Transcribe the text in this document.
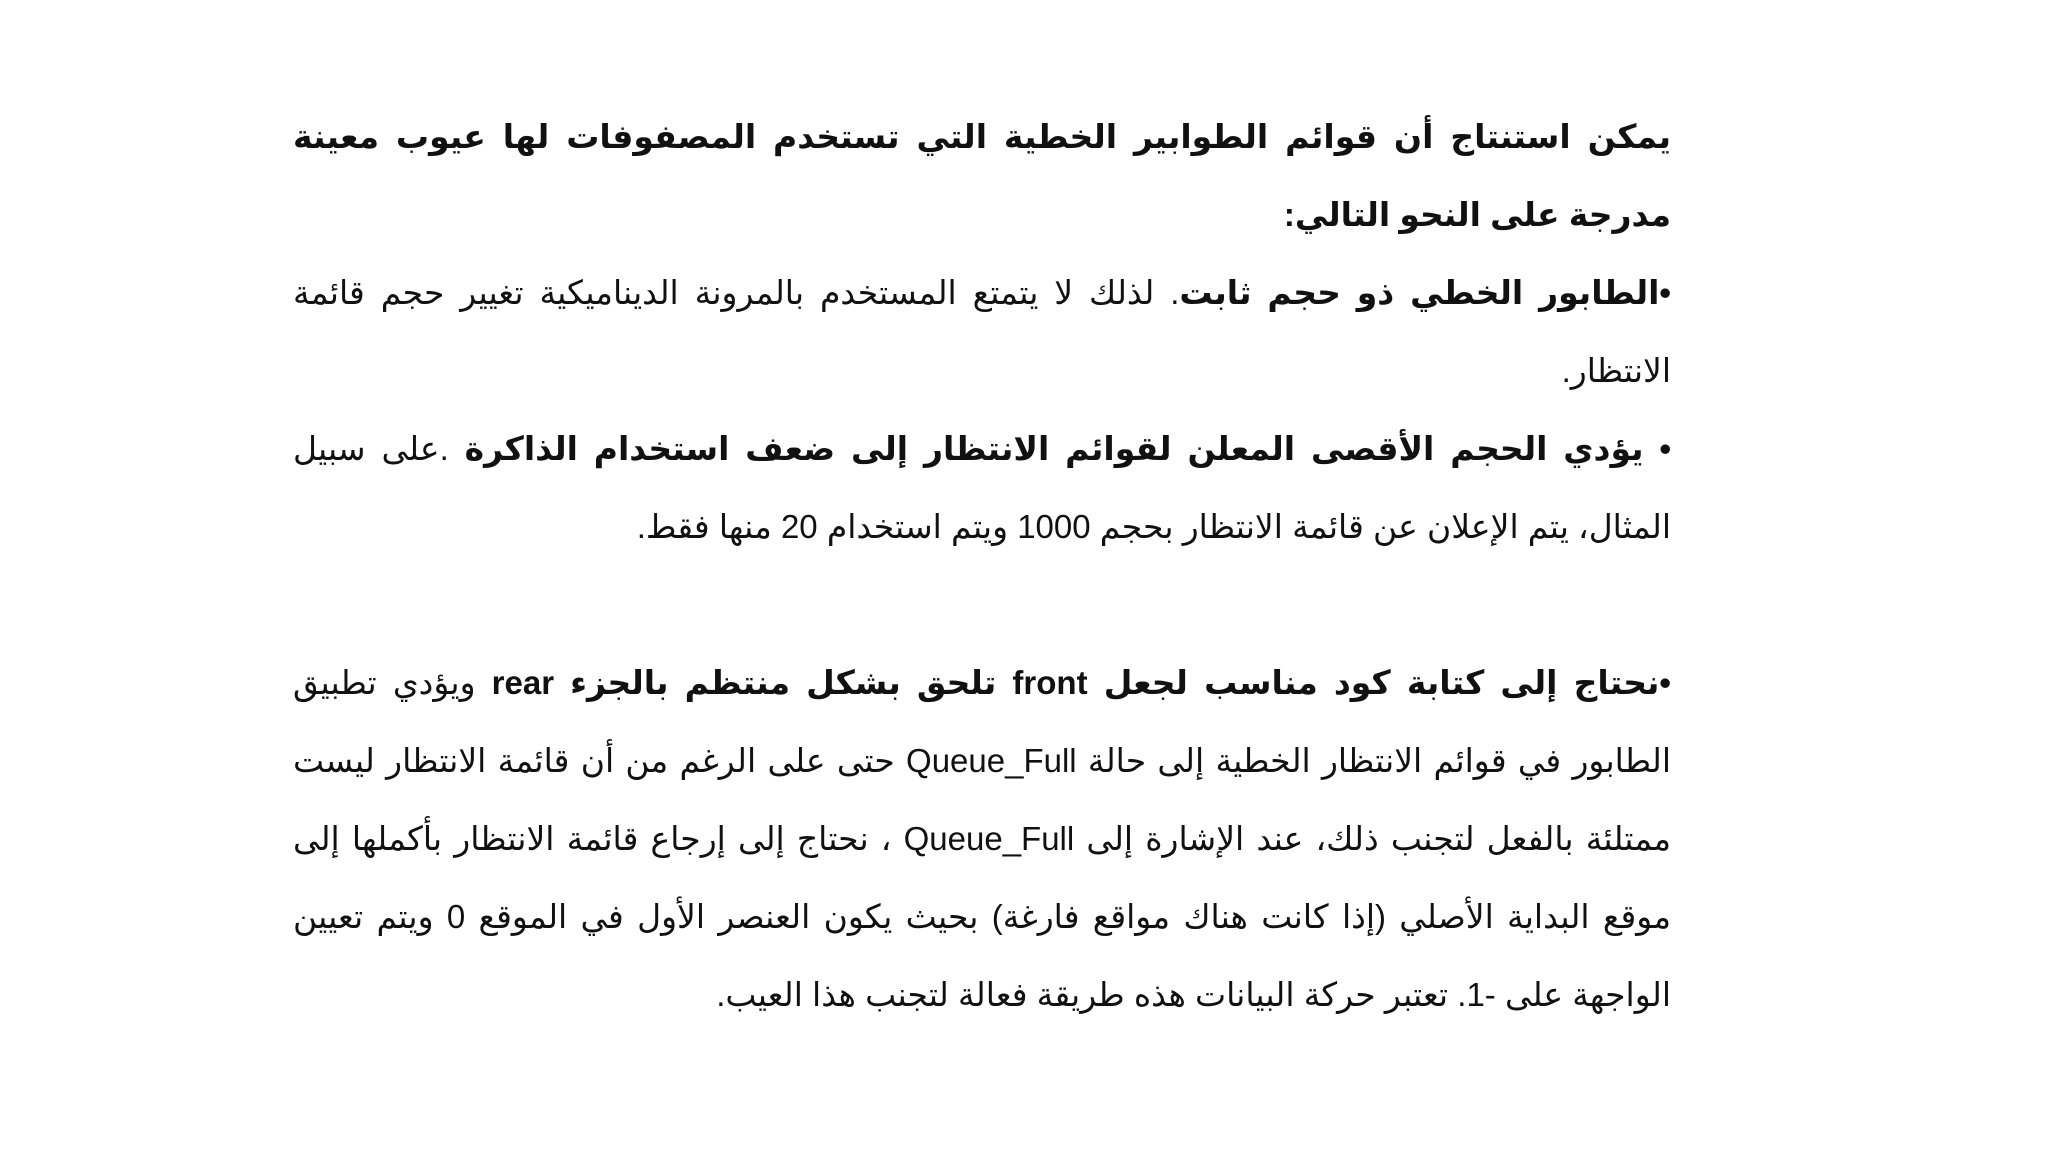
يمكن استنتاج أن قوائم الطوابير الخطية التي تستخدم المصفوفات لها عيوب معينة مدرجة على النحو التالي:

•الطابور الخطي ذو حجم ثابت. لذلك لا يتمتع المستخدم بالمرونة الديناميكية تغيير حجم قائمة الانتظار.

• يؤدي الحجم الأقصى المعلن لقوائم الانتظار إلى ضعف استخدام الذاكرة .على سبيل المثال، يتم الإعلان عن قائمة الانتظار بحجم 1000 ويتم استخدام 20 منها فقط.

•نحتاج إلى كتابة كود مناسب لجعل front تلحق بشكل منتظم بالجزء rear ويؤدي تطبيق الطابور في قوائم الانتظار الخطية إلى حالة Queue_Full حتى على الرغم من أن قائمة الانتظار ليست ممتلئة بالفعل لتجنب ذلك، عند الإشارة إلى Queue_Full ، نحتاج إلى إرجاع قائمة الانتظار بأكملها إلى موقع البداية الأصلي (إذا كانت هناك مواقع فارغة) بحيث يكون العنصر الأول في الموقع 0 ويتم تعيين الواجهة على -1. تعتبر حركة البيانات هذه طريقة فعالة لتجنب هذا العيب.
